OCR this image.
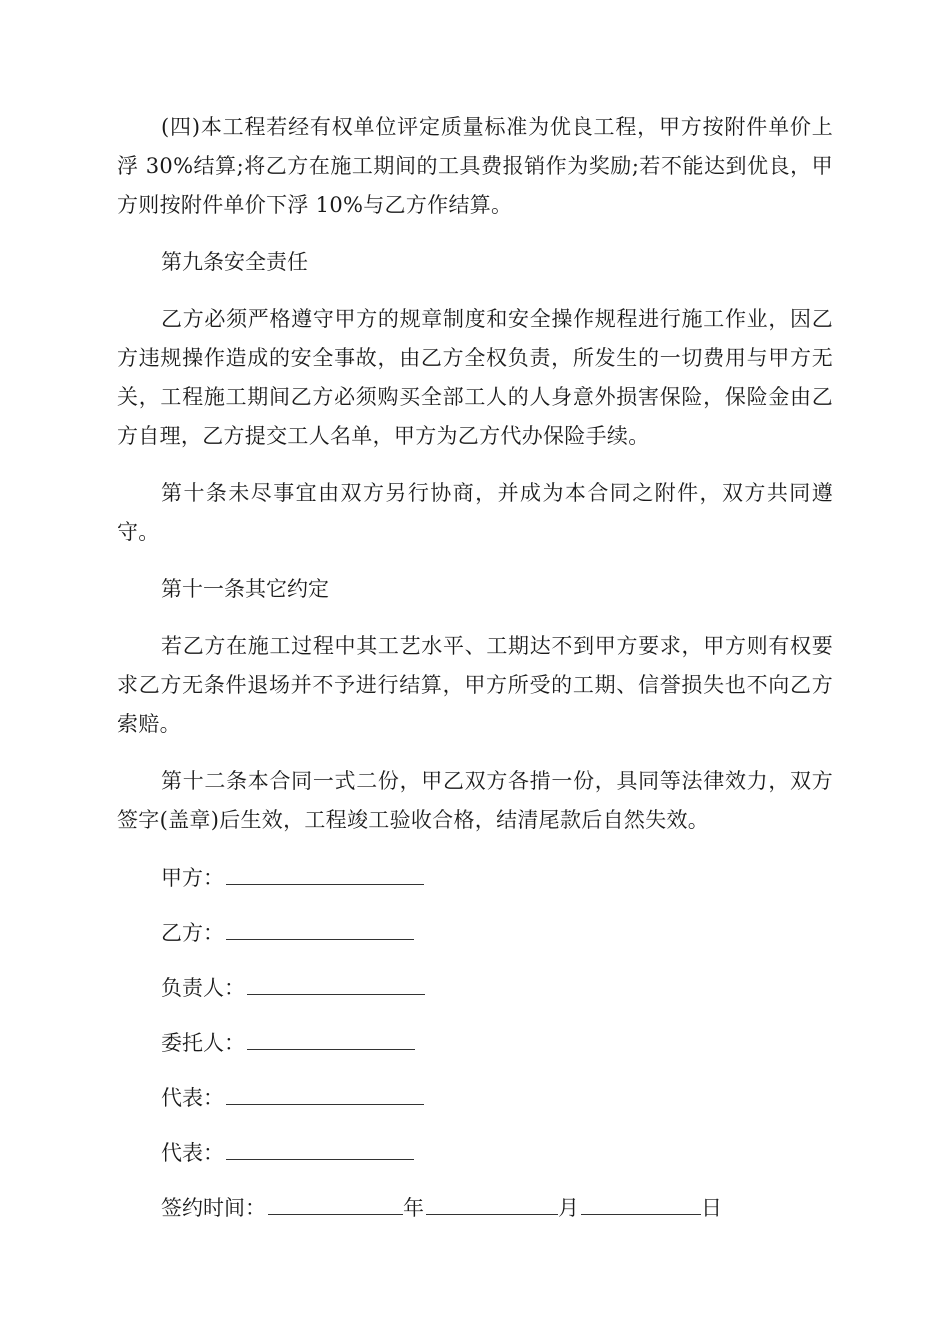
(四)本工程若经有权单位评定质量标准为优良工程，甲方按附件单价上浮 30%结算;将乙方在施工期间的工具费报销作为奖励;若不能达到优良，甲方则按附件单价下浮 10%与乙方作结算。

第九条安全责任

乙方必须严格遵守甲方的规章制度和安全操作规程进行施工作业，因乙方违规操作造成的安全事故，由乙方全权负责，所发生的一切费用与甲方无关，工程施工期间乙方必须购买全部工人的人身意外损害保险，保险金由乙方自理，乙方提交工人名单，甲方为乙方代办保险手续。

第十条未尽事宜由双方另行协商，并成为本合同之附件，双方共同遵守。

第十一条其它约定

若乙方在施工过程中其工艺水平、工期达不到甲方要求，甲方则有权要求乙方无条件退场并不予进行结算，甲方所受的工期、信誉损失也不向乙方索赔。

第十二条本合同一式二份，甲乙双方各掯一份，具同等法律效力，双方签字(盖章)后生效，工程竣工验收合格，结清尾款后自然失效。

甲方：
乙方：
负责人：
委托人：
代表：
代表：
签约时间：	年	月	日
